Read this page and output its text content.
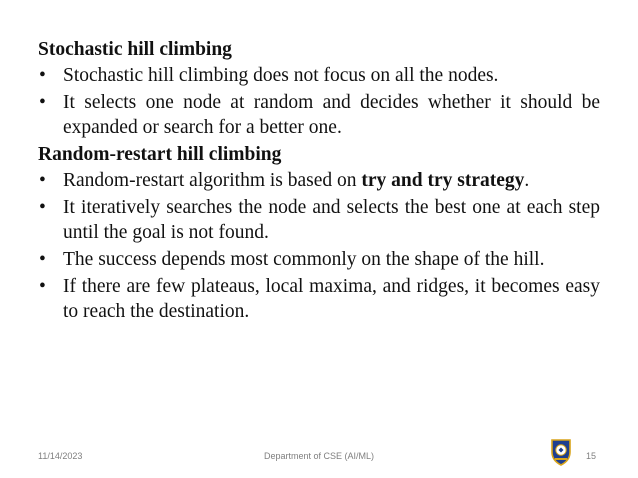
Stochastic hill climbing

• Stochastic hill climbing does not focus on all the nodes.
• It selects one node at random and decides whether it should be expanded or search for a better one.

Random-restart hill climbing

• Random-restart algorithm is based on try and try strategy.
• It iteratively searches the node and selects the best one at each step until the goal is not found.
• The success depends most commonly on the shape of the hill.
• If there are few plateaus, local maxima, and ridges, it becomes easy to reach the destination.
Department of CSE (AI/ML)
11/14/2023	15
